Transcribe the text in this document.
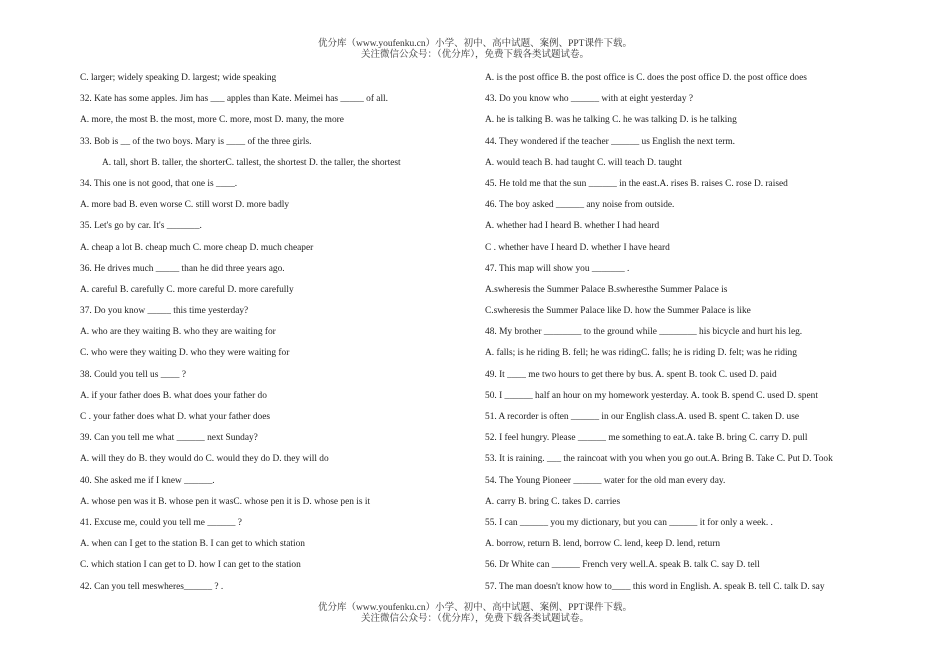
优分库（www.youfenku.cn）小学、初中、高中试题、案例、PPT课件下载。
关注微信公众号：（优分库），免费下载各类试题试卷。
C. larger; widely speaking D. largest; wide speaking
32. Kate has some apples. Jim has ___ apples than Kate. Meimei has _____ of all.
A. more, the most B. the most, more C. more, most D. many, the more
33. Bob is __ of the two boys. Mary is ____ of the three girls.
A. tall, short B. taller, the shorterC. tallest, the shortest D. the taller, the shortest
34. This one is not good, that one is ____.
A. more bad B. even worse C. still worst D. more badly
35. Let's go by car. It's _______.
A. cheap a lot B. cheap much C. more cheap D. much cheaper
36. He drives much _____ than he did three years ago.
A. careful B. carefully C. more careful D. more carefully
37. Do you know _____ this time yesterday?
A. who are they waiting B. who they are waiting for
C. who were they waiting D. who they were waiting for
38. Could you tell us ____ ?
A. if your father does B. what does your father do
C . your father does what D. what your father does
39. Can you tell me what ______ next Sunday?
A. will they do B. they would do C. would they do D. they will do
40. She asked me if I knew ______.
A. whose pen was it B. whose pen it wasC. whose pen it is D. whose pen is it
41. Excuse me, could you tell me ______ ?
A. when can I get to the station B. I can get to which station
C. which station I can get to D. how I can get to the station
42. Can you tell meswheres______ ? .
A. is the post office B. the post office is C. does the post office D. the post office does
43. Do you know who ______ with at eight yesterday ?
A. he is talking B. was he talking C. he was talking D. is he talking
44. They wondered if the teacher ______ us English the next term.
A. would teach B. had taught C. will teach D. taught
45. He told me that the sun ______ in the east.A. rises B. raises C. rose D. raised
46. The boy asked ______ any noise from outside.
A. whether had I heard B. whether I had heard
C . whether have I heard D. whether I have heard
47. This map will show you _______ .
A.swheresis the Summer Palace B.swheresthe Summer Palace is
C.swheresis the Summer Palace like D. how the Summer Palace is like
48. My brother ________ to the ground while ________ his bicycle and hurt his leg.
A. falls; is he riding B. fell; he was ridingC. falls; he is riding D. felt; was he riding
49. It ____ me two hours to get there by bus. A. spent B. took C. used D. paid
50. I ______ half an hour on my homework yesterday. A. took B. spend C. used D. spent
51. A recorder is often ______ in our English class.A. used B. spent C. taken D. use
52. I feel hungry. Please ______ me something to eat.A. take B. bring C. carry D. pull
53. It is raining. ___ the raincoat with you when you go out.A. Bring B. Take C. Put D. Took
54. The Young Pioneer ______ water for the old man every day.
A. carry B. bring C. takes D. carries
55. I can ______ you my dictionary, but you can ______ it for only a week. .
A. borrow, return B. lend, borrow C. lend, keep D. lend, return
56. Dr White can ______ French very well.A. speak B. talk C. say D. tell
57. The man doesn't know how to____ this word in English. A. speak B. tell C. talk D. say
优分库（www.youfenku.cn）小学、初中、高中试题、案例、PPT课件下载。
关注微信公众号：（优分库），免费下载各类试题试卷。
